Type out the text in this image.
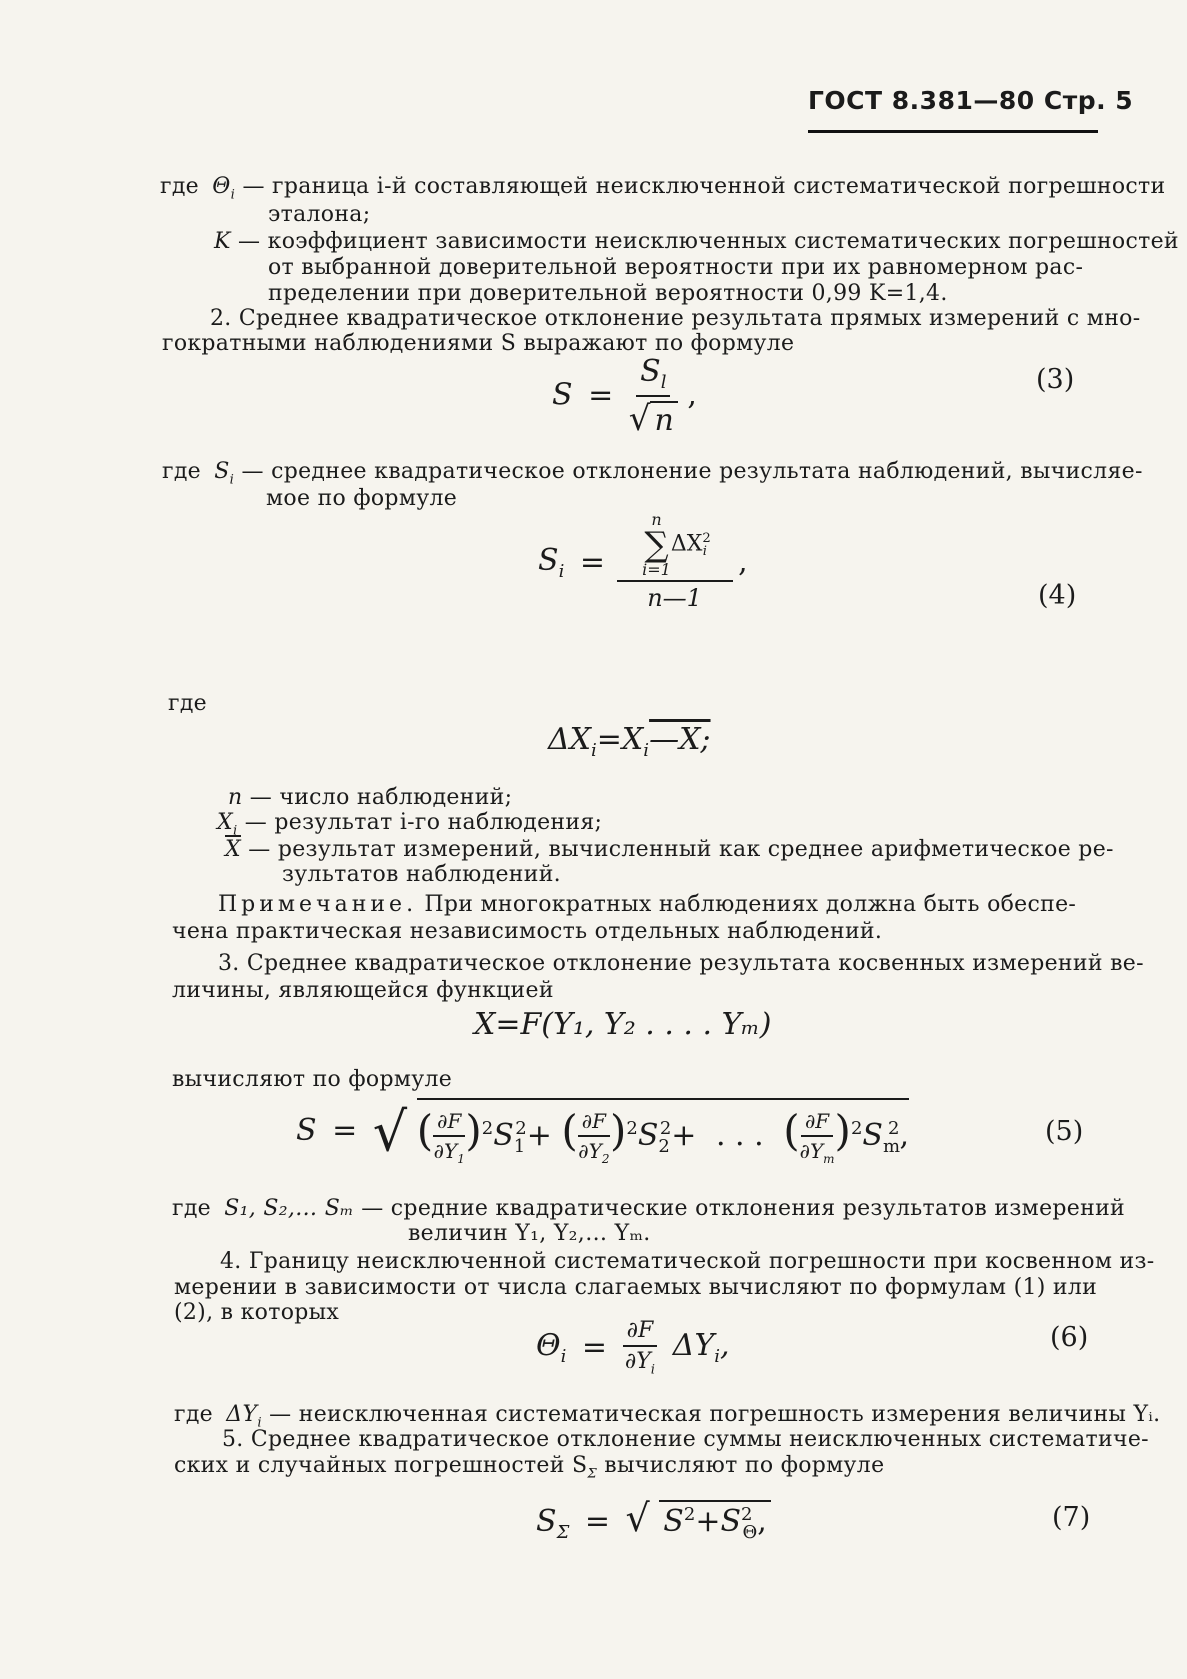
ГОСТ 8.381—80 Стр. 5
где $\Theta_i$ — граница i-й составляющей неисключенной систематической погрешности
эталона;
K — коэффициент зависимости неисключенных систематических погрешностей
от выбранной доверительной вероятности при их равномерном рас-
пределении при доверительной вероятности 0,99 K=1,4.
2. Среднее квадратическое отклонение результата прямых измерений с мно-
гократными наблюдениями S выражают по формуле
$S = \frac{S_l}{√ n}$ ,	(3)
где $S_i$ — среднее квадратическое отклонение результата наблюдений, вычисляе-
мое по формуле
$S_i = n$
∑
i=1
$\Delta X^2_i$
n—1 ,
(4)
где
$\Delta X_i=X_i—X$;
n — число наблюдений;
$X_i$ — результат i-го наблюдения;
$\overline{X}$ — результат измерений, вычисленный как среднее арифметическое ре-
зультатов наблюдений.
Примечание. При многократных наблюдениях должна быть обеспе-
чена практическая независимость отдельных наблюдений.
3. Среднее квадратическое отклонение результата косвенных измерений ве-
личины, являющейся функцией
X=F(Y₁, Y₂ . . . . Yₘ)
вычисляют по формуле
S = √ ( $\frac{\partial F}{\partial Y_1} )^2S_1^2+$ ( $\frac{\partial F}{\partial Y_2} )^2S_2^2+$ . . . ( $\frac{\partial F}{\partial Y_m} )^2S_m^2$,	(5)
где S₁, S₂,… Sₘ — средние квадратические отклонения результатов измерений
величин Y₁, Y₂,… Yₘ.
4. Границу неисключенной систематической погрешности при косвенном из-
мерении в зависимости от числа слагаемых вычисляют по формулам (1) или
(2), в которых
$\Theta_i = \frac{\partial F}{\partial Y_i} \Delta Y_i$,	(6)
где $\Delta Y_i$ — неисключенная систематическая погрешность измерения величины Yᵢ.
5. Среднее квадратическое отклонение суммы неисключенных систематиче-
ских и случайных погрешностей $S_\Sigma$ вычисляют по формуле
$S_\Sigma$ = √ $S^2+S^2_\Theta$,	(7)
